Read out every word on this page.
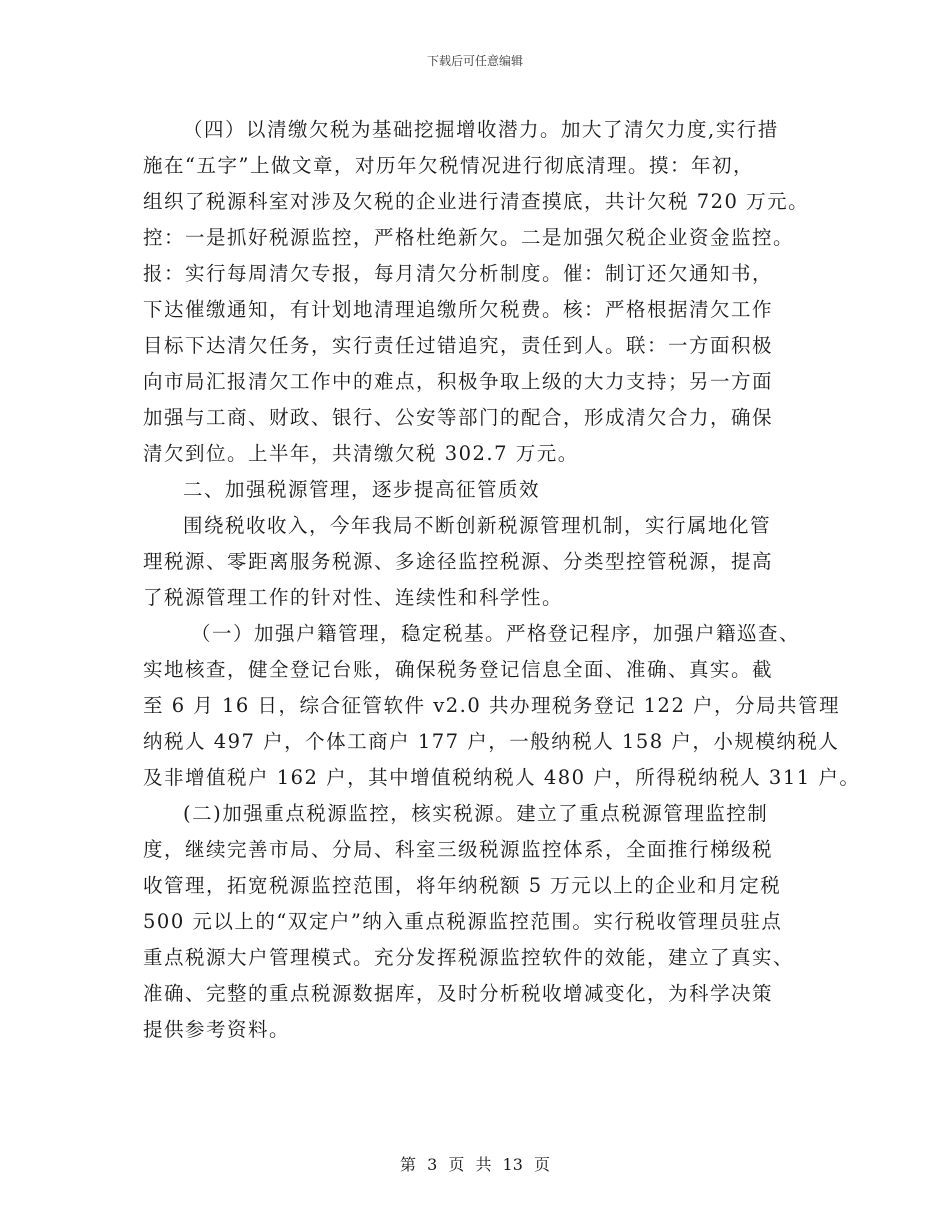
下载后可任意编辑
（四）以清缴欠税为基础挖掘增收潜力。加大了清欠力度,实行措
施在“五字”上做文章，对历年欠税情况进行彻底清理。摸：年初，
组织了税源科室对涉及欠税的企业进行清查摸底，共计欠税 720 万元。
控：一是抓好税源监控，严格杜绝新欠。二是加强欠税企业资金监控。
报：实行每周清欠专报，每月清欠分析制度。催：制订还欠通知书，
下达催缴通知，有计划地清理追缴所欠税费。核：严格根据清欠工作
目标下达清欠任务，实行责任过错追究，责任到人。联：一方面积极
向市局汇报清欠工作中的难点，积极争取上级的大力支持；另一方面
加强与工商、财政、银行、公安等部门的配合，形成清欠合力，确保
清欠到位。上半年，共清缴欠税 302.7 万元。
二、加强税源管理，逐步提高征管质效
围绕税收收入，今年我局不断创新税源管理机制，实行属地化管
理税源、零距离服务税源、多途径监控税源、分类型控管税源，提高
了税源管理工作的针对性、连续性和科学性。
（一）加强户籍管理，稳定税基。严格登记程序，加强户籍巡查、
实地核查，健全登记台账，确保税务登记信息全面、准确、真实。截
至 6 月 16 日，综合征管软件 v2.0 共办理税务登记 122 户，分局共管理
纳税人 497 户，个体工商户 177 户，一般纳税人 158 户，小规模纳税人
及非增值税户 162 户，其中增值税纳税人 480 户，所得税纳税人 311 户。
(二)加强重点税源监控，核实税源。建立了重点税源管理监控制
度，继续完善市局、分局、科室三级税源监控体系，全面推行梯级税
收管理，拓宽税源监控范围，将年纳税额 5 万元以上的企业和月定税
500 元以上的“双定户”纳入重点税源监控范围。实行税收管理员驻点
重点税源大户管理模式。充分发挥税源监控软件的效能，建立了真实、
准确、完整的重点税源数据库，及时分析税收增减变化，为科学决策
提供参考资料。
第 3 页 共 13 页
